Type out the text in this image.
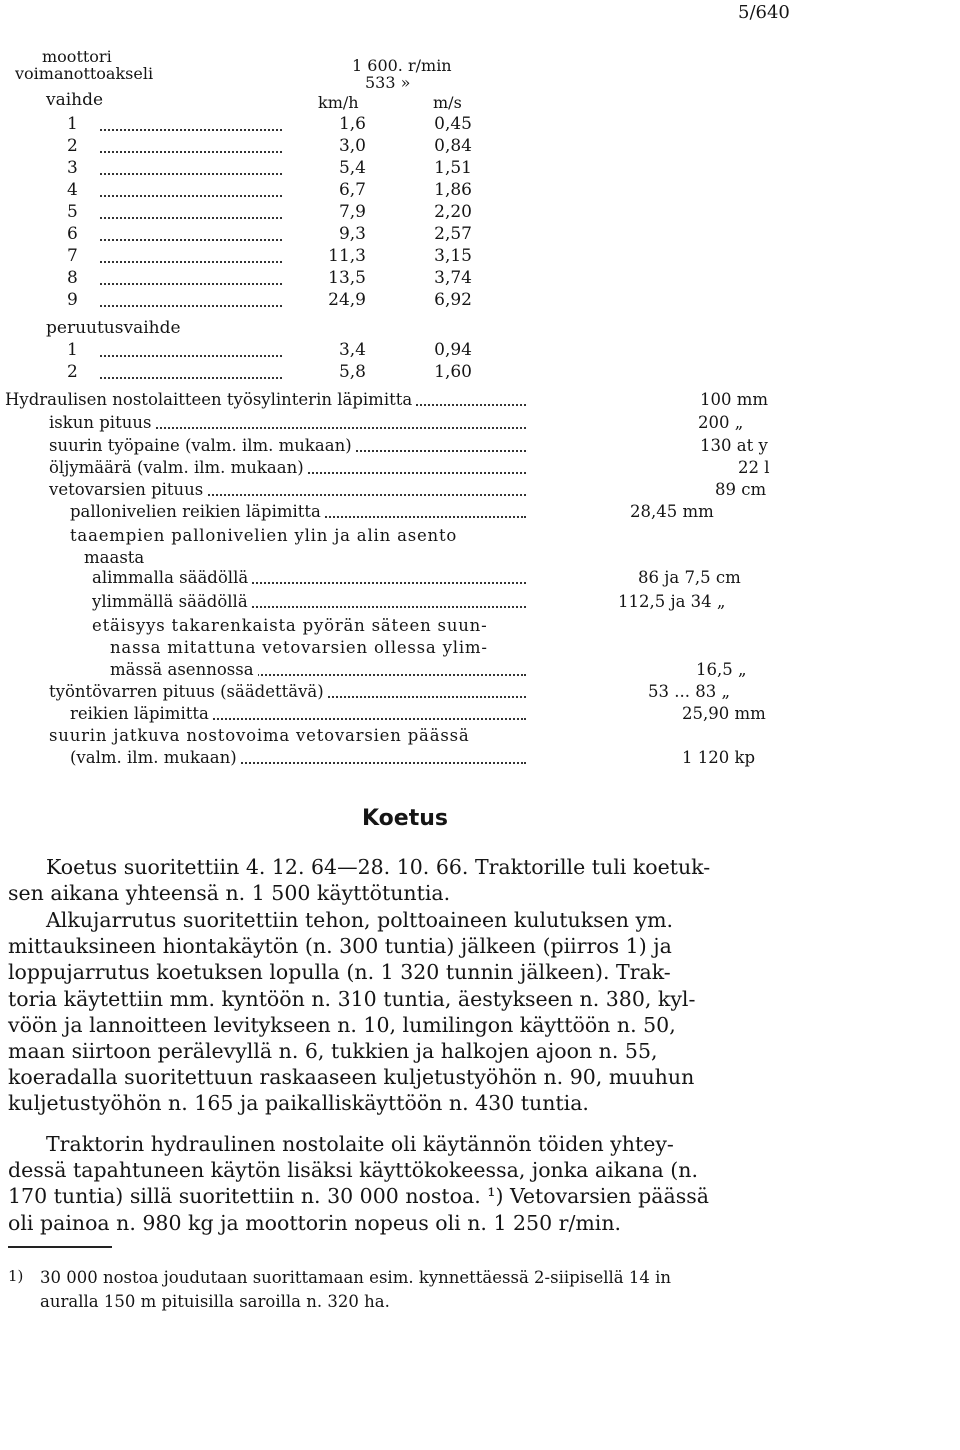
5/640
moottori
voimanottoakseli	1 600. r/min
533 »
vaihde	km/h	m/s
1	1,6	0,45
2	3,0	0,84
3	5,4	1,51
4	6,7	1,86
5	7,9	2,20
6	9,3	2,57
7	11,3	3,15
8	13,5	3,74
9	24,9	6,92
peruutusvaihde
1	3,4	0,94
2	5,8	1,60
Hydraulisen nostolaitteen työsylinterin läpimitta	100 mm
iskun pituus	200 „
suurin työpaine (valm. ilm. mukaan)	130 at y
öljymäärä (valm. ilm. mukaan)	22 l
vetovarsien pituus	89 cm
pallonivelien reikien läpimitta	28,45 mm
taaempien pallonivelien ylin ja alin asento
maasta
alimmalla säädöllä	86 ja 7,5 cm
ylimmällä säädöllä	112,5 ja 34 „
etäisyys takarenkaista pyörän säteen suun-
nassa mitattuna vetovarsien ollessa ylim-
mässä asennossa	16,5 „
työntövarren pituus (säädettävä)	53 ... 83 „
reikien läpimitta	25,90 mm
suurin jatkuva nostovoima vetovarsien päässä
(valm. ilm. mukaan)	1 120 kp
Koetus
Koetus suoritettiin 4. 12. 64—28. 10. 66. Traktorille tuli koetuk-
sen aikana yhteensä n. 1 500 käyttötuntia.
Alkujarrutus suoritettiin tehon, polttoaineen kulutuksen ym.
mittauksineen hiontakäytön (n. 300 tuntia) jälkeen (piirros 1) ja
loppujarrutus koetuksen lopulla (n. 1 320 tunnin jälkeen). Trak-
toria käytettiin mm. kyntöön n. 310 tuntia, äestykseen n. 380, kyl-
vöön ja lannoitteen levitykseen n. 10, lumilingon käyttöön n. 50,
maan siirtoon perälevyllä n. 6, tukkien ja halkojen ajoon n. 55,
koeradalla suoritettuun raskaaseen kuljetustyöhön n. 90, muuhun
kuljetustyöhön n. 165 ja paikalliskäyttöön n. 430 tuntia.
Traktorin hydraulinen nostolaite oli käytännön töiden yhtey-
dessä tapahtuneen käytön lisäksi käyttökokeessa, jonka aikana (n.
170 tuntia) sillä suoritettiin n. 30 000 nostoa. ¹) Vetovarsien päässä
oli painoa n. 980 kg ja moottorin nopeus oli n. 1 250 r/min.
1) 30 000 nostoa joudutaan suorittamaan esim. kynnettäessä 2-siipisellä 14 in
auralla 150 m pituisilla saroilla n. 320 ha.
